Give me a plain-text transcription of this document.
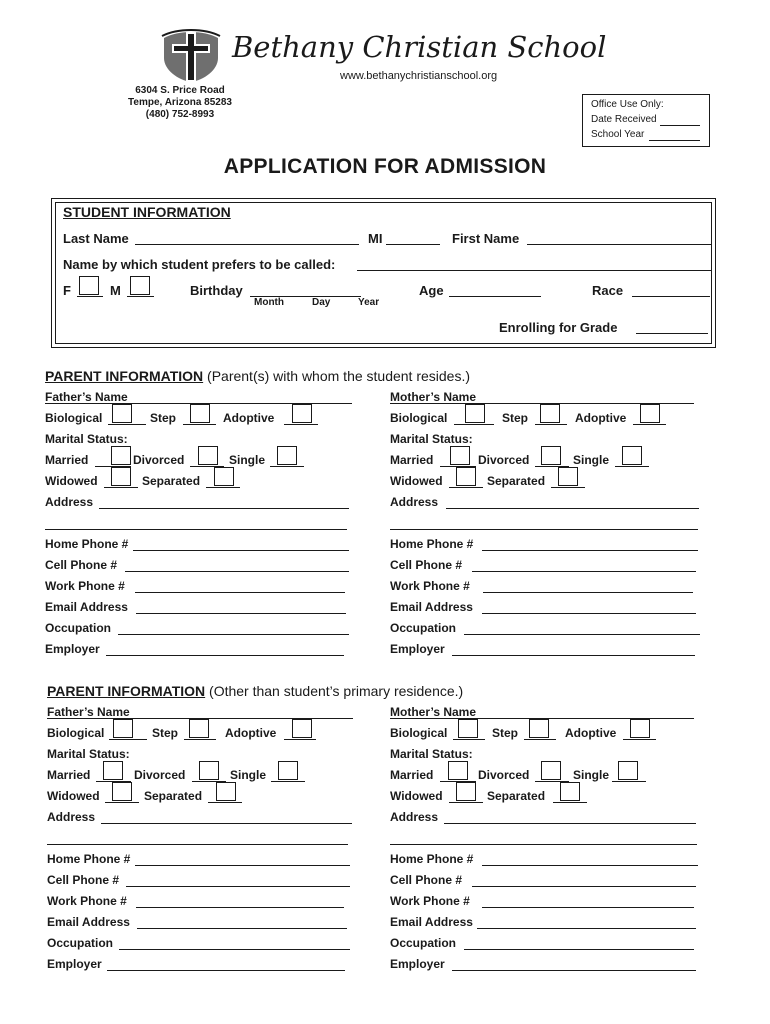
Bethany Christian School
www.bethanychristianschool.org
6304 S. Price Road
Tempe, Arizona 85283
(480) 752-8993
Office Use Only:
Date Received
School Year
APPLICATION FOR ADMISSION
STUDENT INFORMATION
Last Name	MI	First Name
Name by which student prefers to be called:
F	M	Birthday
Month	Day	Year
Age	Race
Enrolling for Grade
PARENT INFORMATION (Parent(s) with whom the student resides.)
Father’s Name
Biological	Step	Adoptive
Marital Status:
Married	Divorced	Single
Widowed	Separated
Address
Home Phone #
Cell Phone #
Work Phone #
Email Address
Occupation
Employer
Mother’s Name
Biological	Step	Adoptive
Marital Status:
Married	Divorced	Single
Widowed	Separated
Address
Home Phone #
Cell Phone #
Work Phone #
Email Address
Occupation
Employer
PARENT INFORMATION (Other than student’s primary residence.)
Father’s Name
Biological	Step	Adoptive
Marital Status:
Married	Divorced	Single
Widowed	Separated
Address
Home Phone #
Cell Phone #
Work Phone #
Email Address
Occupation
Employer
Mother’s Name
Biological	Step	Adoptive
Marital Status:
Married	Divorced	Single
Widowed	Separated
Address
Home Phone #
Cell Phone #
Work Phone #
Email Address
Occupation
Employer
